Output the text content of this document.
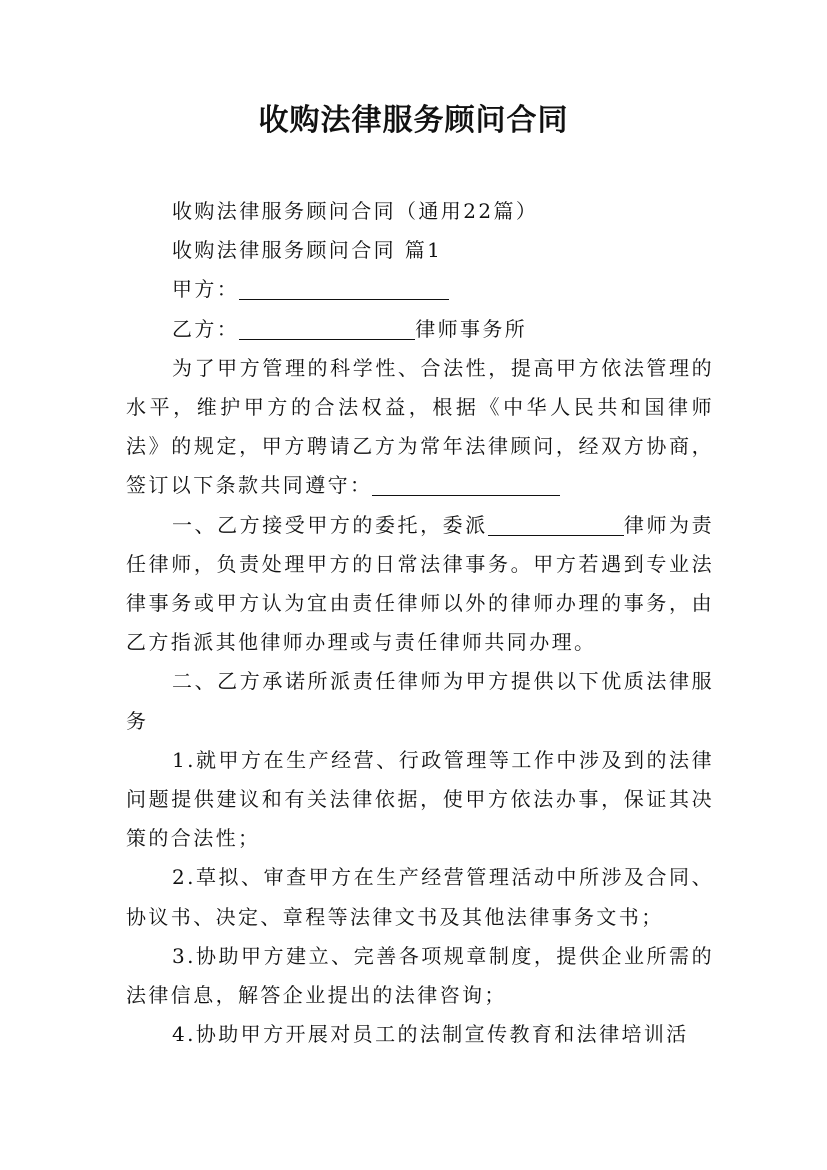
收购法律服务顾问合同

收购法律服务顾问合同（通用22篇）

收购法律服务顾问合同 篇1

甲方：

乙方：	律师事务所

为了甲方管理的科学性、合法性，提高甲方依法管理的水平，维护甲方的合法权益，根据《中华人民共和国律师法》的规定，甲方聘请乙方为常年法律顾问，经双方协商，签订以下条款共同遵守：

一、乙方接受甲方的委托，委派	律师为责任律师，负责处理甲方的日常法律事务。甲方若遇到专业法律事务或甲方认为宜由责任律师以外的律师办理的事务，由乙方指派其他律师办理或与责任律师共同办理。

二、乙方承诺所派责任律师为甲方提供以下优质法律服务

1.就甲方在生产经营、行政管理等工作中涉及到的法律问题提供建议和有关法律依据，使甲方依法办事，保证其决策的合法性；

2.草拟、审查甲方在生产经营管理活动中所涉及合同、协议书、决定、章程等法律文书及其他法律事务文书；

3.协助甲方建立、完善各项规章制度，提供企业所需的法律信息，解答企业提出的法律咨询；

4.协助甲方开展对员工的法制宣传教育和法律培训活
